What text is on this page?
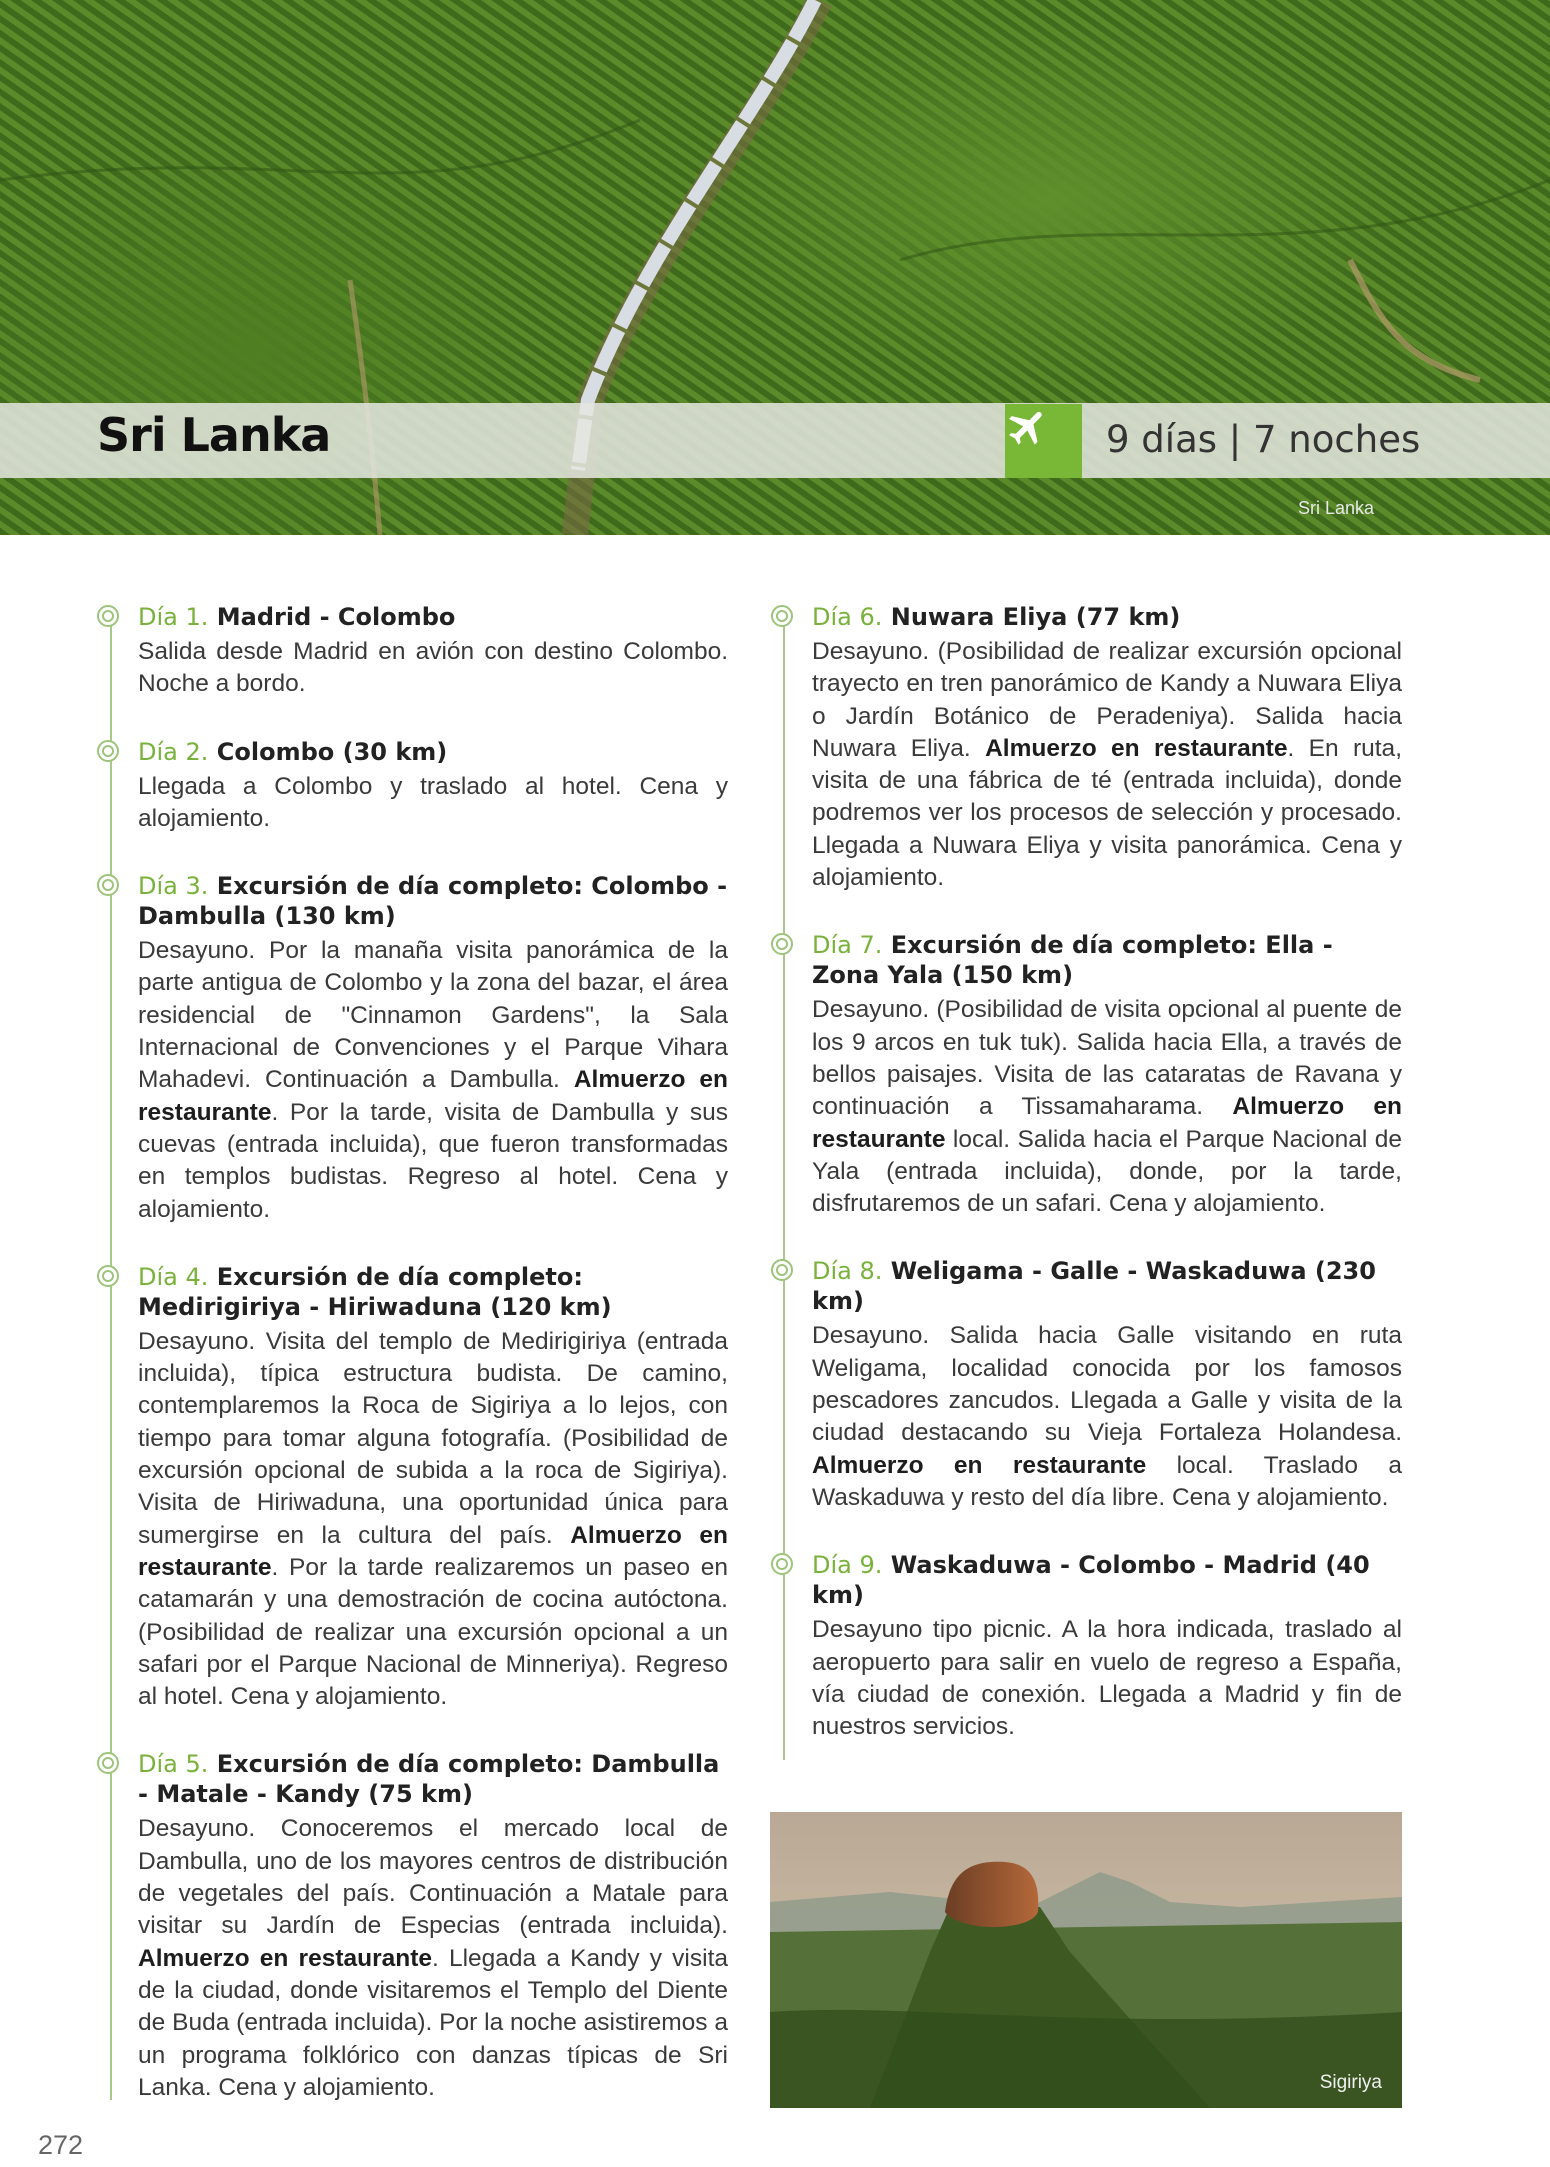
Sri Lanka	9 días | 7 noches
Sri Lanka
Día 1. Madrid - Colombo
Salida desde Madrid en avión con destino Colombo. Noche a bordo.
Día 2. Colombo (30 km)
Llegada a Colombo y traslado al hotel. Cena y alojamiento.
Día 3. Excursión de día completo: Colombo - Dambulla (130 km)
Desayuno. Por la manaña visita panorámica de la parte antigua de Colombo y la zona del bazar, el área residencial de "Cinnamon Gardens", la Sala Internacional de Convenciones y el Parque Vihara Mahadevi. Continuación a Dambulla. Almuerzo en restaurante. Por la tarde, visita de Dambulla y sus cuevas (entrada incluida), que fueron transformadas en templos budistas. Regreso al hotel. Cena y alojamiento.
Día 4. Excursión de día completo: Medirigiriya - Hiriwaduna (120 km)
Desayuno. Visita del templo de Medirigiriya (entrada incluida), típica estructura budista. De camino, contemplaremos la Roca de Sigiriya a lo lejos, con tiempo para tomar alguna fotografía. (Posibilidad de excursión opcional de subida a la roca de Sigiriya). Visita de Hiriwaduna, una oportunidad única para sumergirse en la cultura del país. Almuerzo en restaurante. Por la tarde realizaremos un paseo en catamarán y una demostración de cocina autóctona. (Posibilidad de realizar una excursión opcional a un safari por el Parque Nacional de Minneriya). Regreso al hotel. Cena y alojamiento.
Día 5. Excursión de día completo: Dambulla - Matale - Kandy (75 km)
Desayuno. Conoceremos el mercado local de Dambulla, uno de los mayores centros de distribución de vegetales del país. Continuación a Matale para visitar su Jardín de Especias (entrada incluida). Almuerzo en restaurante. Llegada a Kandy y visita de la ciudad, donde visitaremos el Templo del Diente de Buda (entrada incluida). Por la noche asistiremos a un programa folklórico con danzas típicas de Sri Lanka. Cena y alojamiento.
Día 6. Nuwara Eliya (77 km)
Desayuno. (Posibilidad de realizar excursión opcional trayecto en tren panorámico de Kandy a Nuwara Eliya o Jardín Botánico de Peradeniya). Salida hacia Nuwara Eliya. Almuerzo en restaurante. En ruta, visita de una fábrica de té (entrada incluida), donde podremos ver los procesos de selección y procesado. Llegada a Nuwara Eliya y visita panorámica. Cena y alojamiento.
Día 7. Excursión de día completo: Ella - Zona Yala (150 km)
Desayuno. (Posibilidad de visita opcional al puente de los 9 arcos en tuk tuk). Salida hacia Ella, a través de bellos paisajes. Visita de las cataratas de Ravana y continuación a Tissamaharama. Almuerzo en restaurante local. Salida hacia el Parque Nacional de Yala (entrada incluida), donde, por la tarde, disfrutaremos de un safari. Cena y alojamiento.
Día 8. Weligama - Galle - Waskaduwa (230 km)
Desayuno. Salida hacia Galle visitando en ruta Weligama, localidad conocida por los famosos pescadores zancudos. Llegada a Galle y visita de la ciudad destacando su Vieja Fortaleza Holandesa. Almuerzo en restaurante local. Traslado a Waskaduwa y resto del día libre. Cena y alojamiento.
Día 9. Waskaduwa - Colombo - Madrid (40 km)
Desayuno tipo picnic. A la hora indicada, traslado al aeropuerto para salir en vuelo de regreso a España, vía ciudad de conexión. Llegada a Madrid y fin de nuestros servicios.
Sigiriya
272
